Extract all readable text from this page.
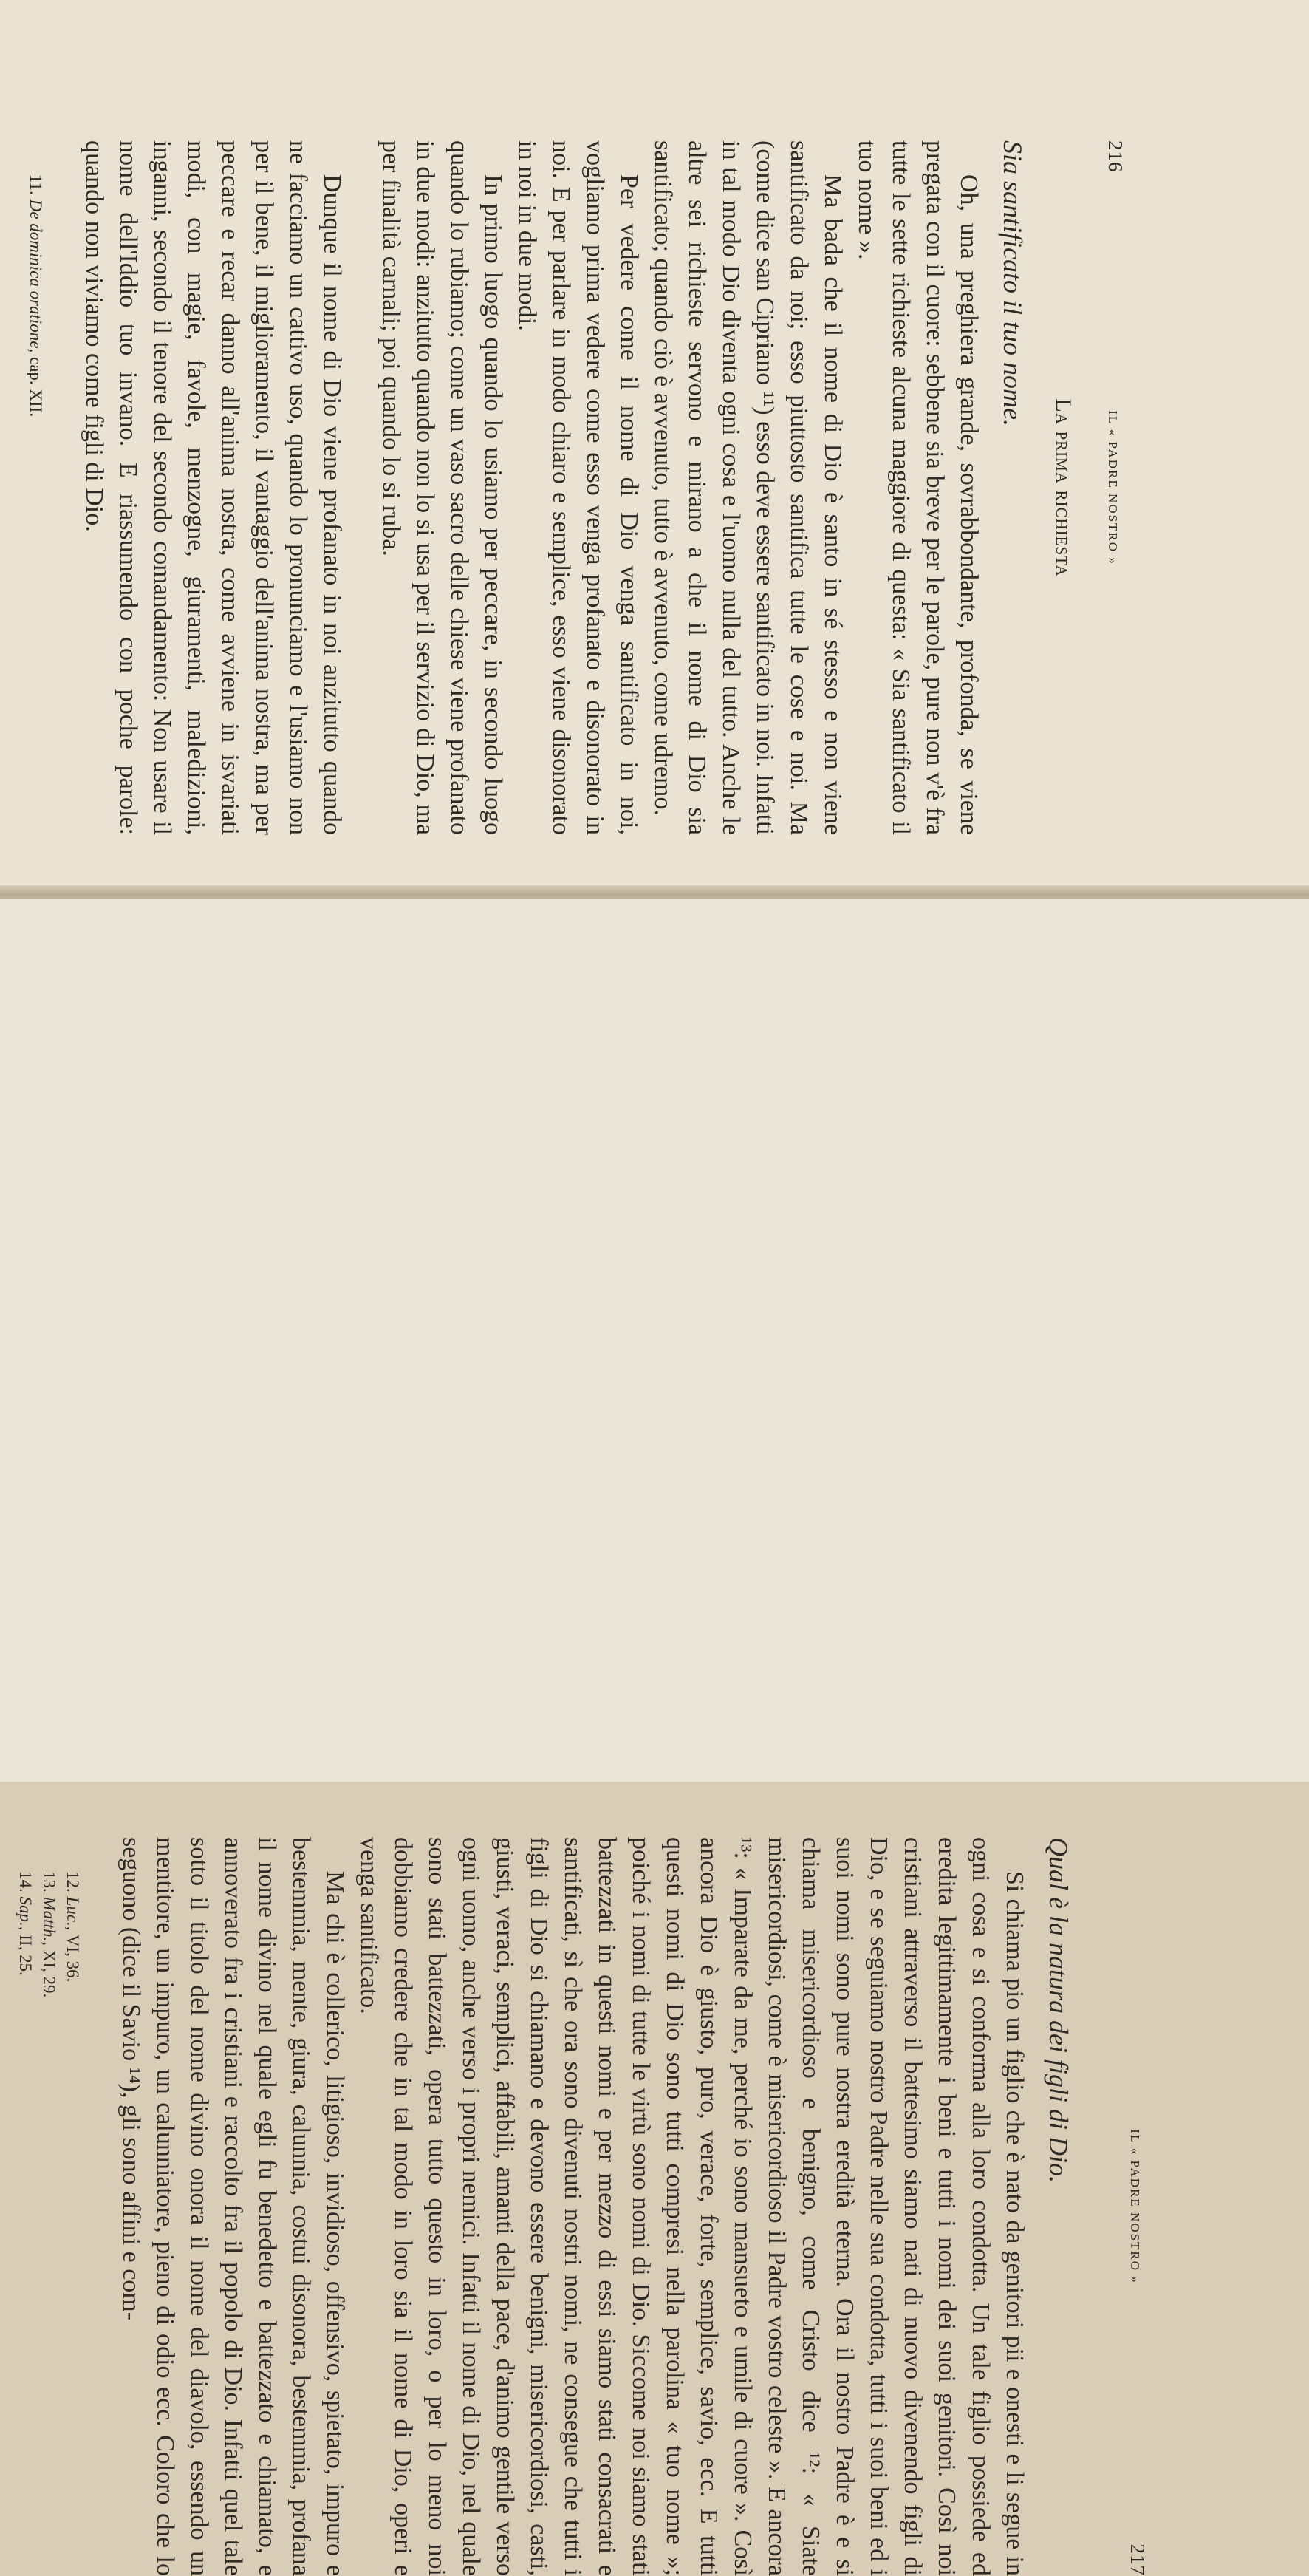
216
IL « PADRE NOSTRO »
La prima richiesta
Sia santificato il tuo nome.

Oh, una preghiera grande, sovrabbondante, profonda, se viene pregata con il cuore: sebbene sia breve per le parole, pure non v'è fra tutte le sette richieste alcuna maggiore di questa: « Sia santificato il tuo nome ».

Ma bada che il nome di Dio è santo in sé stesso e non viene santificato da noi; esso piuttosto santifica tutte le cose e noi. Ma (come dice san Cipriano ¹¹) esso deve essere santificato in noi. Infatti in tal modo Dio diventa ogni cosa e l'uomo nulla del tutto. Anche le altre sei richieste servono e mirano a che il nome di Dio sia santificato; quando ciò è avvenuto, tutto è avvenuto, come udremo.

Per vedere come il nome di Dio venga santificato in noi, vogliamo prima vedere come esso venga profanato e disonorato in noi. E per parlare in modo chiaro e semplice, esso viene disonorato in noi in due modi.

In primo luogo quando lo usiamo per peccare, in secondo luogo quando lo rubiamo; come un vaso sacro delle chiese viene profanato in due modi: anzitutto quando non lo si usa per il servizio di Dio, ma per finalità carnali; poi quando lo si ruba.

Dunque il nome di Dio viene profanato in noi anzitutto quando ne facciamo un cattivo uso, quando lo pronunciamo e l'usiamo non per il bene, il miglioramento, il vantaggio dell'anima nostra, ma per peccare e recar danno all'anima nostra, come avviene in isvariati modi, con magie, favole, menzogne, giuramenti, maledizioni, inganni, secondo il tenore del secondo comandamento: Non usare il nome dell'Iddio tuo invano. E riassumendo con poche parole: quando non viviamo come figli di Dio.

11. De dominica oratione, cap. XII.
IL « PADRE NOSTRO »
217
Qual è la natura dei figli di Dio.

Si chiama pio un figlio che è nato da genitori pii e onesti e li segue in ogni cosa e si conforma alla loro condotta. Un tale figlio possiede ed eredita legittimamente i beni e tutti i nomi dei suoi genitori. Così noi cristiani attraverso il battesimo siamo nati di nuovo divenendo figli di Dio, e se seguiamo nostro Padre nelle sua condotta, tutti i suoi beni ed i suoi nomi sono pure nostra eredità eterna. Ora il nostro Padre è e si chiama misericordioso e benigno, come Cristo dice ¹²: « Siate misericordiosi, come è misericordioso il Padre vostro celeste ». E ancora ¹³: « Imparate da me, perché io sono mansueto e umile di cuore ». Così ancora Dio è giusto, puro, verace, forte, semplice, savio, ecc. E tutti questi nomi di Dio sono tutti compresi nella parolina « tuo nome »; poiché i nomi di tutte le virtù sono nomi di Dio. Siccome noi siamo stati battezzati in questi nomi e per mezzo di essi siamo stati consacrati e santificati, sì che ora sono divenuti nostri nomi, ne consegue che tutti i figli di Dio si chiamano e devono essere benigni, misericordiosi, casti, giusti, veraci, semplici, affabili, amanti della pace, d'animo gentile verso ogni uomo, anche verso i propri nemici. Infatti il nome di Dio, nel quale sono stati battezzati, opera tutto questo in loro, o per lo meno noi dobbiamo credere che in tal modo in loro sia il nome di Dio, operi e venga santificato.

Ma chi è collerico, litigioso, invidioso, offensivo, spietato, impuro e bestemmia, mente, giura, calunnia, costui disonora, bestemmia, profana il nome divino nel quale egli fu benedetto e battezzato e chiamato, e annoverato fra i cristiani e raccolto fra il popolo di Dio. Infatti quel tale sotto il titolo del nome divino onora il nome del diavolo, essendo un mentitore, un impuro, un calunniatore, pieno di odio ecc. Coloro che lo seguono (dice il Savio ¹⁴), gli sono affini e com-

12. Luc., VI, 36.
13. Matth., XI, 29.
14. Sap., II, 25.
